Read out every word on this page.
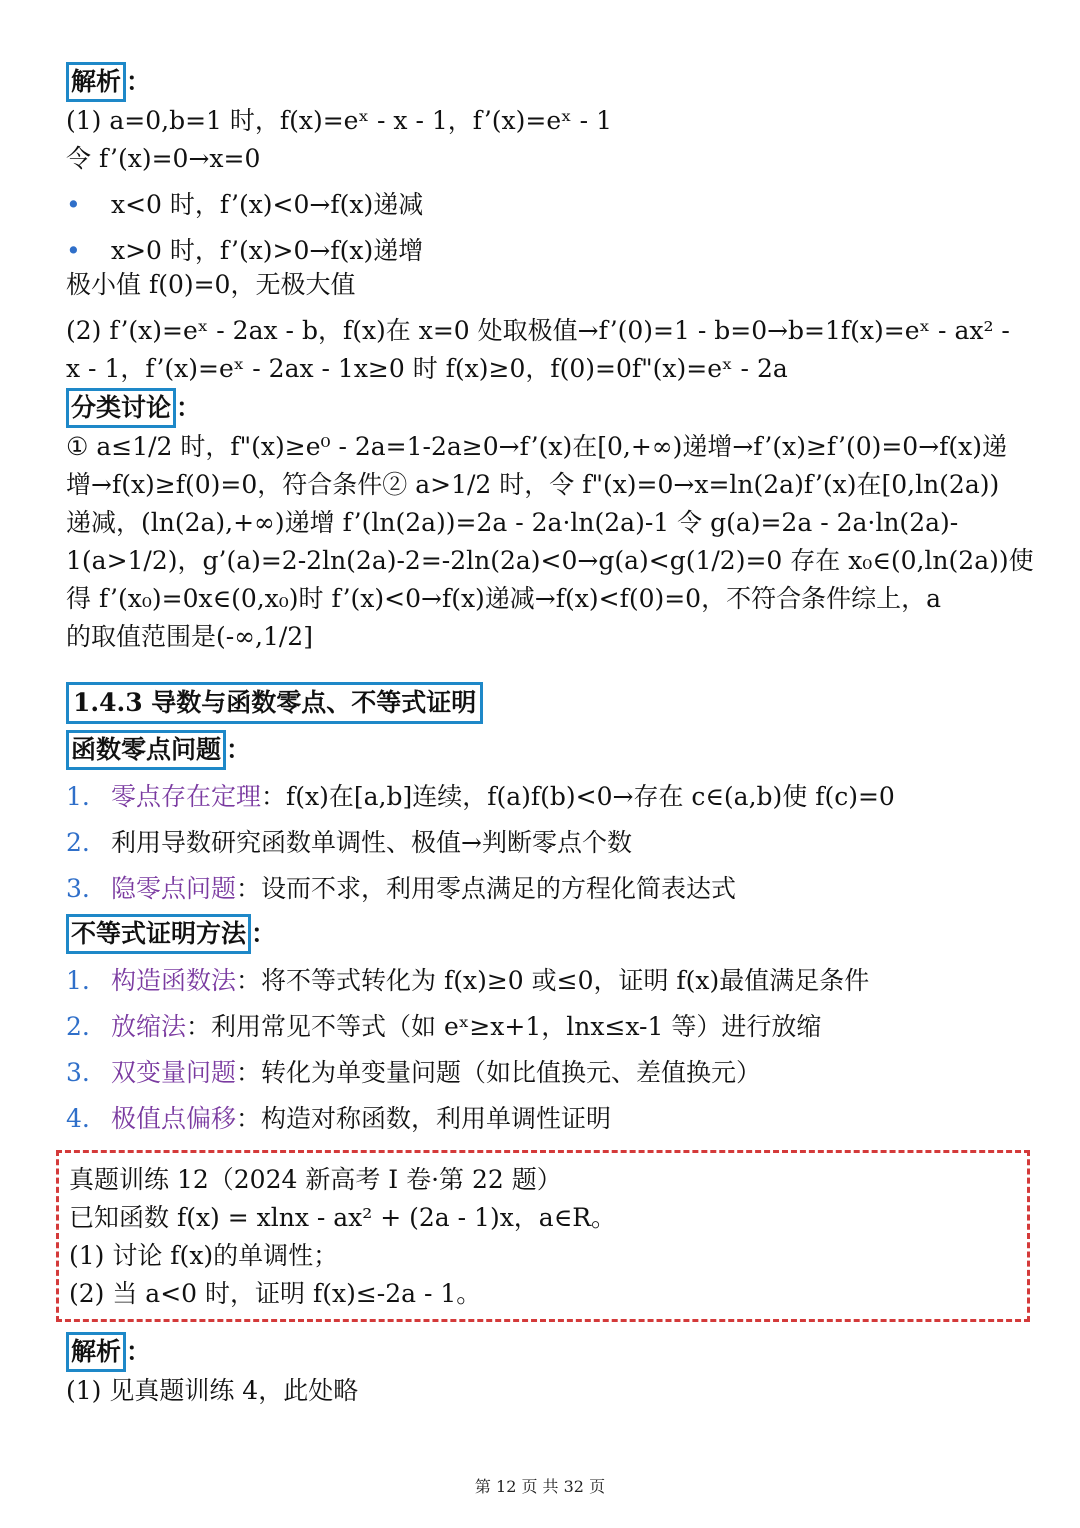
解析 ：
(1) a=0,b=1 时，f(x)=eˣ - x - 1，f’(x)=eˣ - 1
令 f’(x)=0→x=0
•	x<0 时，f’(x)<0→f(x)递减
•	x>0 时，f’(x)>0→f(x)递增
极小值 f(0)=0，无极大值
(2) f’(x)=eˣ - 2ax - b，f(x)在 x=0 处取极值→f’(0)=1 - b=0→b=1f(x)=eˣ - ax² -
x - 1，f’(x)=eˣ - 2ax - 1x≥0 时 f(x)≥0，f(0)=0f"(x)=eˣ - 2a
分类讨论 ：
① a≤1/2 时，f"(x)≥e⁰ - 2a=1-2a≥0→f’(x)在[0,+∞)递增→f’(x)≥f’(0)=0→f(x)递
增→f(x)≥f(0)=0，符合条件② a>1/2 时，令 f"(x)=0→x=ln(2a)f’(x)在[0,ln(2a))
递减，(ln(2a),+∞)递增 f’(ln(2a))=2a - 2a·ln(2a)-1 令 g(a)=2a - 2a·ln(2a)-
1(a>1/2)，g’(a)=2-2ln(2a)-2=-2ln(2a)<0→g(a)<g(1/2)=0 存在 x₀∈(0,ln(2a))使
得 f’(x₀)=0x∈(0,x₀)时 f’(x)<0→f(x)递减→f(x)<f(0)=0，不符合条件综上，a
的取值范围是(-∞,1/2]
1.4.3 导数与函数零点、不等式证明
函数零点问题 ：
1. 零点存在定理：f(x)在[a,b]连续，f(a)f(b)<0→存在 c∈(a,b)使 f(c)=0
2. 利用导数研究函数单调性、极值→判断零点个数
3. 隐零点问题：设而不求，利用零点满足的方程化简表达式
不等式证明方法 ：
1. 构造函数法：将不等式转化为 f(x)≥0 或≤0，证明 f(x)最值满足条件
2. 放缩法：利用常见不等式（如 eˣ≥x+1，lnx≤x-1 等）进行放缩
3. 双变量问题：转化为单变量问题（如比值换元、差值换元）
4. 极值点偏移：构造对称函数，利用单调性证明
真题训练 12（2024 新高考 I 卷·第 22 题）
已知函数 f(x) = xlnx - ax² + (2a - 1)x，a∈R。
(1) 讨论 f(x)的单调性；
(2) 当 a<0 时，证明 f(x)≤-2a - 1。
解析 ：
(1) 见真题训练 4，此处略
第 12 页 共 32 页
